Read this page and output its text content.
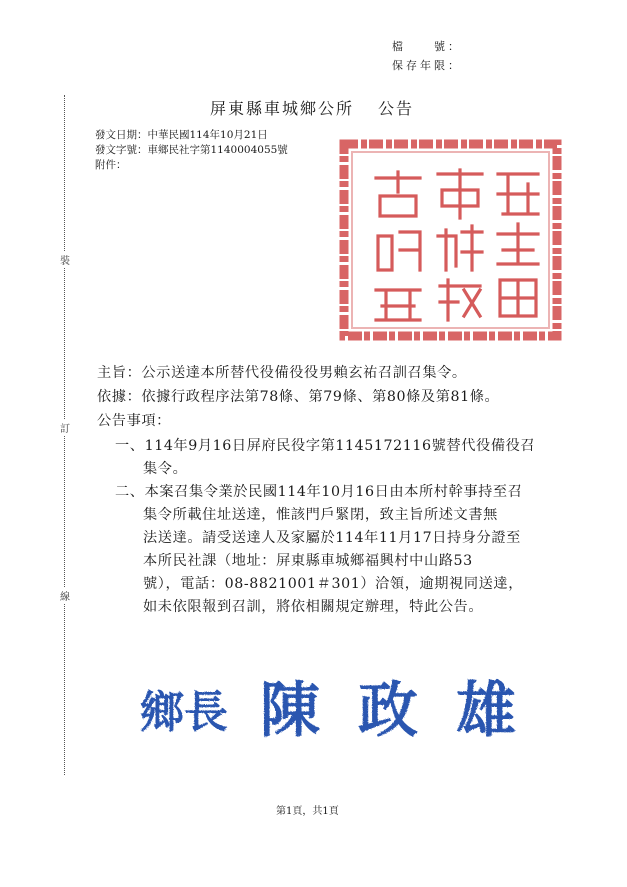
檔　　號：
保存年限：
裝
訂
線
屏東縣車城鄉公所 公告
發文日期：中華民國114年10月21日
發文字號：車鄉民社字第1140004055號
附件：
主旨：公示送達本所替代役備役役男賴玄祐召訓召集令。
依據：依據行政程序法第78條、第79條、第80條及第81條。
公告事項：
一、114年9月16日屏府民役字第1145172116號替代役備役召
集令。
二、本案召集令業於民國114年10月16日由本所村幹事持至召
集令所載住址送達，惟該門戶緊閉，致主旨所述文書無
法送達。請受送達人及家屬於114年11月17日持身分證至
本所民社課（地址：屏東縣車城鄉福興村中山路53
號），電話：08-8821001＃301）洽領，逾期視同送達，
如未依限報到召訓，將依相關規定辦理，特此公告。
鄉長 陳政雄
第1頁，共1頁
